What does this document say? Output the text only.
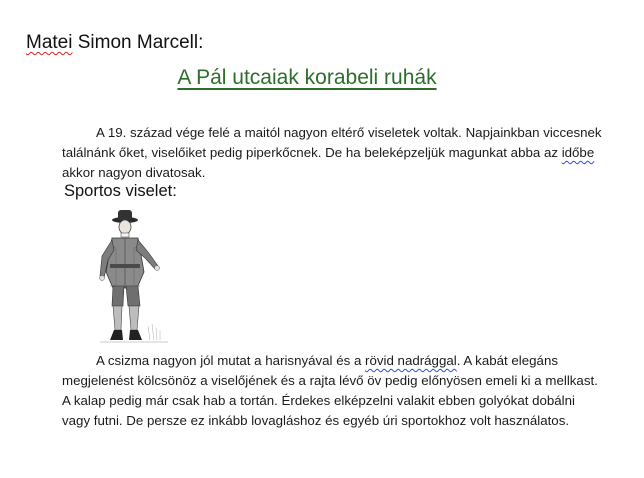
Matei Simon Marcell:
A Pál utcaiak korabeli ruhák

A 19. század vége felé a maitól nagyon eltérő viseletek voltak. Napjainkban viccesnek találnánk őket, viselőiket pedig piperkőcnek. De ha beleképzeljük magunkat abba az időbe akkor nagyon divatosak.

Sportos viselet:

A csizma nagyon jól mutat a harisnyával és a rövid nadrággal. A kabát elegáns megjelenést kölcsönöz a viselőjének és a rajta lévő öv pedig előnyösen emeli ki a mellkast. A kalap pedig már csak hab a tortán. Érdekes elképzelni valakit ebben golyókat dobálni vagy futni. De persze ez inkább lovagláshoz és egyéb úri sportokhoz volt használatos.
